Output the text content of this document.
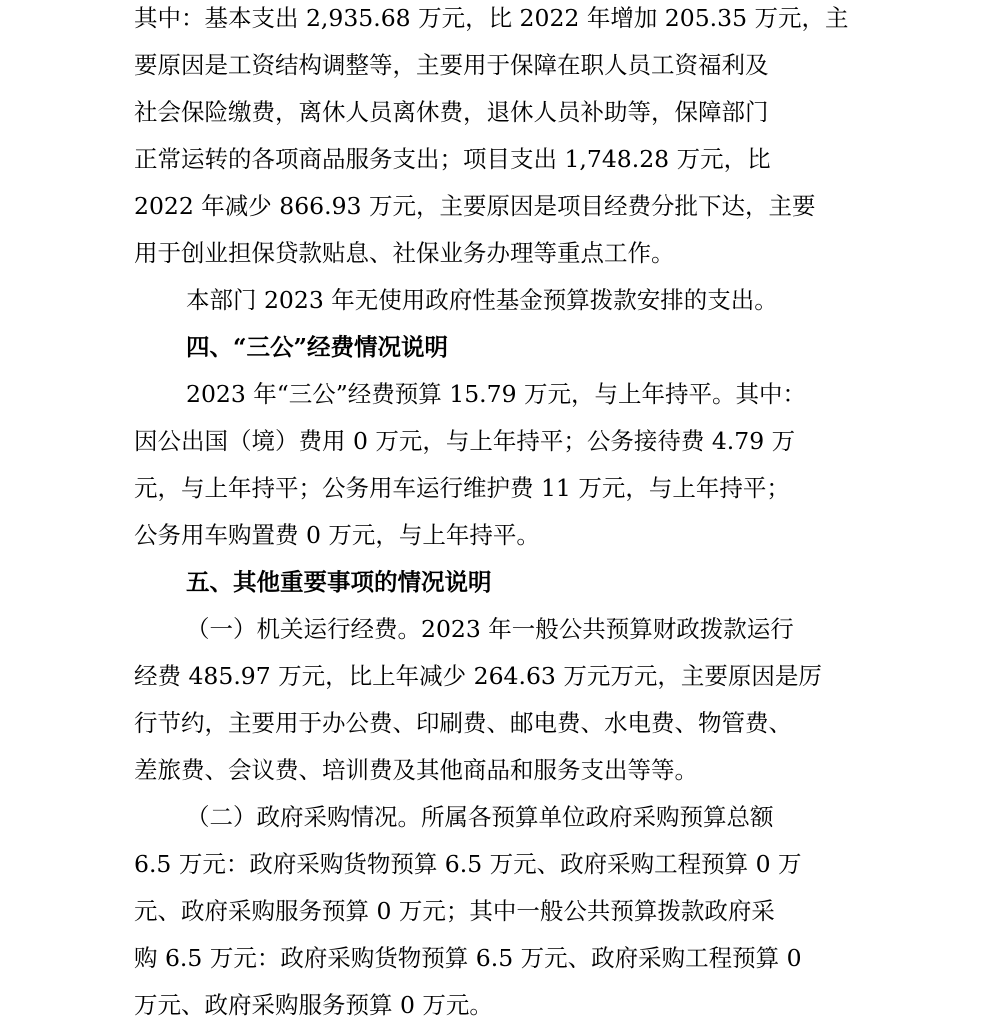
其中：基本支出 2,935.68 万元，比 2022 年增加 205.35 万元，主
要原因是工资结构调整等，主要用于保障在职人员工资福利及
社会保险缴费，离休人员离休费，退休人员补助等，保障部门
正常运转的各项商品服务支出；项目支出 1,748.28 万元，比
2022 年减少 866.93 万元，主要原因是项目经费分批下达，主要
用于创业担保贷款贴息、社保业务办理等重点工作。
本部门 2023 年无使用政府性基金预算拨款安排的支出。
四、“三公”经费情况说明
2023 年“三公”经费预算 15.79 万元，与上年持平。其中：
因公出国（境）费用 0 万元，与上年持平；公务接待费 4.79 万
元，与上年持平；公务用车运行维护费 11 万元，与上年持平；
公务用车购置费 0 万元，与上年持平。
五、其他重要事项的情况说明
（一）机关运行经费。2023 年一般公共预算财政拨款运行
经费 485.97 万元，比上年减少 264.63 万元万元，主要原因是厉
行节约，主要用于办公费、印刷费、邮电费、水电费、物管费、
差旅费、会议费、培训费及其他商品和服务支出等等。
（二）政府采购情况。所属各预算单位政府采购预算总额
6.5 万元：政府采购货物预算 6.5 万元、政府采购工程预算 0 万
元、政府采购服务预算 0 万元；其中一般公共预算拨款政府采
购 6.5 万元：政府采购货物预算 6.5 万元、政府采购工程预算 0
万元、政府采购服务预算 0 万元。
